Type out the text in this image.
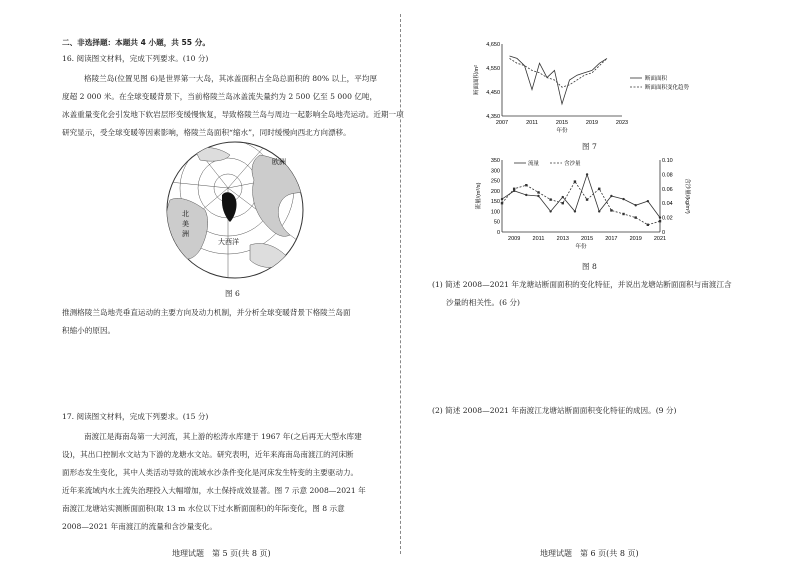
二、非选择题：本题共 4 小题，共 55 分。
16. 阅读图文材料，完成下列要求。(10 分)
格陵兰岛(位置见图 6)是世界第一大岛，其冰盖面积占全岛总面积的 80% 以上，平均厚
度超 2 000 米。在全球变暖背景下，当前格陵兰岛冰盖流失量约为 2 500 亿至 5 000 亿吨，
冰盖重量变化会引发地下软岩层形变缓慢恢复，导致格陵兰岛与周边一起影响全岛地壳运动。近期一项
研究显示，受全球变暖等因素影响，格陵兰岛面积“缩水”，同时缓慢向西北方向漂移。
欧洲
北
美
洲
大西洋
图 6
推测格陵兰岛地壳垂直运动的主要方向及动力机制，并分析全球变暖背景下格陵兰岛面
积缩小的原因。
17. 阅读图文材料，完成下列要求。(15 分)
南渡江是海南岛第一大河流，其上游的松涛水库建于 1967 年(之后再无大型水库建
设)，其出口控制水文站为下游的龙塘水文站。研究表明，近年来海南岛南渡江的河床断
面形态发生变化，其中人类活动导致的流域水沙条件变化是河床发生特变的主要驱动力。
近年来流域内水土流失治理投入大幅增加，水土保持成效显著。图 7 示意 2008—2021 年
南渡江龙塘站实测断面面积(取 13 m 水位以下过水断面面积)的年际变化，图 8 示意
2008—2021 年南渡江的流量和含沙量变化。
地理试题　第 5 页(共 8 页)
4,350
4,450
4,550
4,650
2007	2011	2015	2019	2023
年份
断面面积/m²	断面面积
断面面积变化趋势
图 7
0
50
100
150
200
250
300
350
0
0.02
0.04
0.06
0.08
0.10
2009 2011 2013 2015 2017 2019 2021
年份
流量/(m³/s)	含沙量/(kg/m³)
流量	含沙量
图 8
(1) 简述 2008—2021 年龙塘站断面面积的变化特征，并说出龙塘站断面面积与南渡江含
沙量的相关性。(6 分)
(2) 简述 2008—2021 年南渡江龙塘站断面面积变化特征的成因。(9 分)
地理试题　第 6 页(共 8 页)
